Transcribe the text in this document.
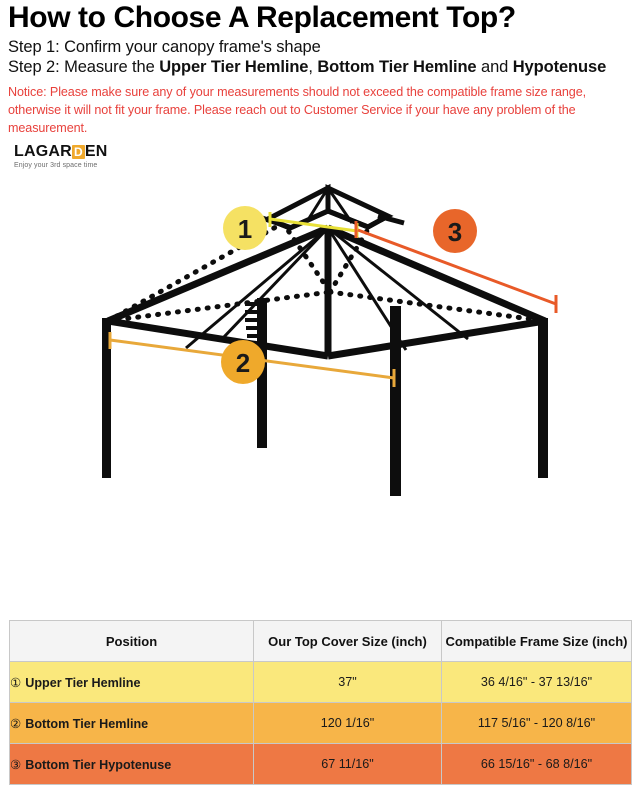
How to Choose A Replacement Top?

Step 1: Confirm your canopy frame's shape

Step 2: Measure the Upper Tier Hemline, Bottom Tier Hemline and Hypotenuse

Notice: Please make sure any of your measurements should not exceed the compatible frame size range, otherwise it will not fit your frame. Please reach out to Customer Service if your have any problem of the measurement.

LAGAR D EN
Enjoy your 3rd space time
1
2
3
Position	Our Top Cover Size (inch)	Compatible Frame Size (inch)
① Upper Tier Hemline	37"	36 4/16" - 37 13/16"
② Bottom Tier Hemline	120 1/16"	117 5/16" - 120 8/16"
③ Bottom Tier Hypotenuse	67 11/16"	66 15/16" - 68 8/16"
